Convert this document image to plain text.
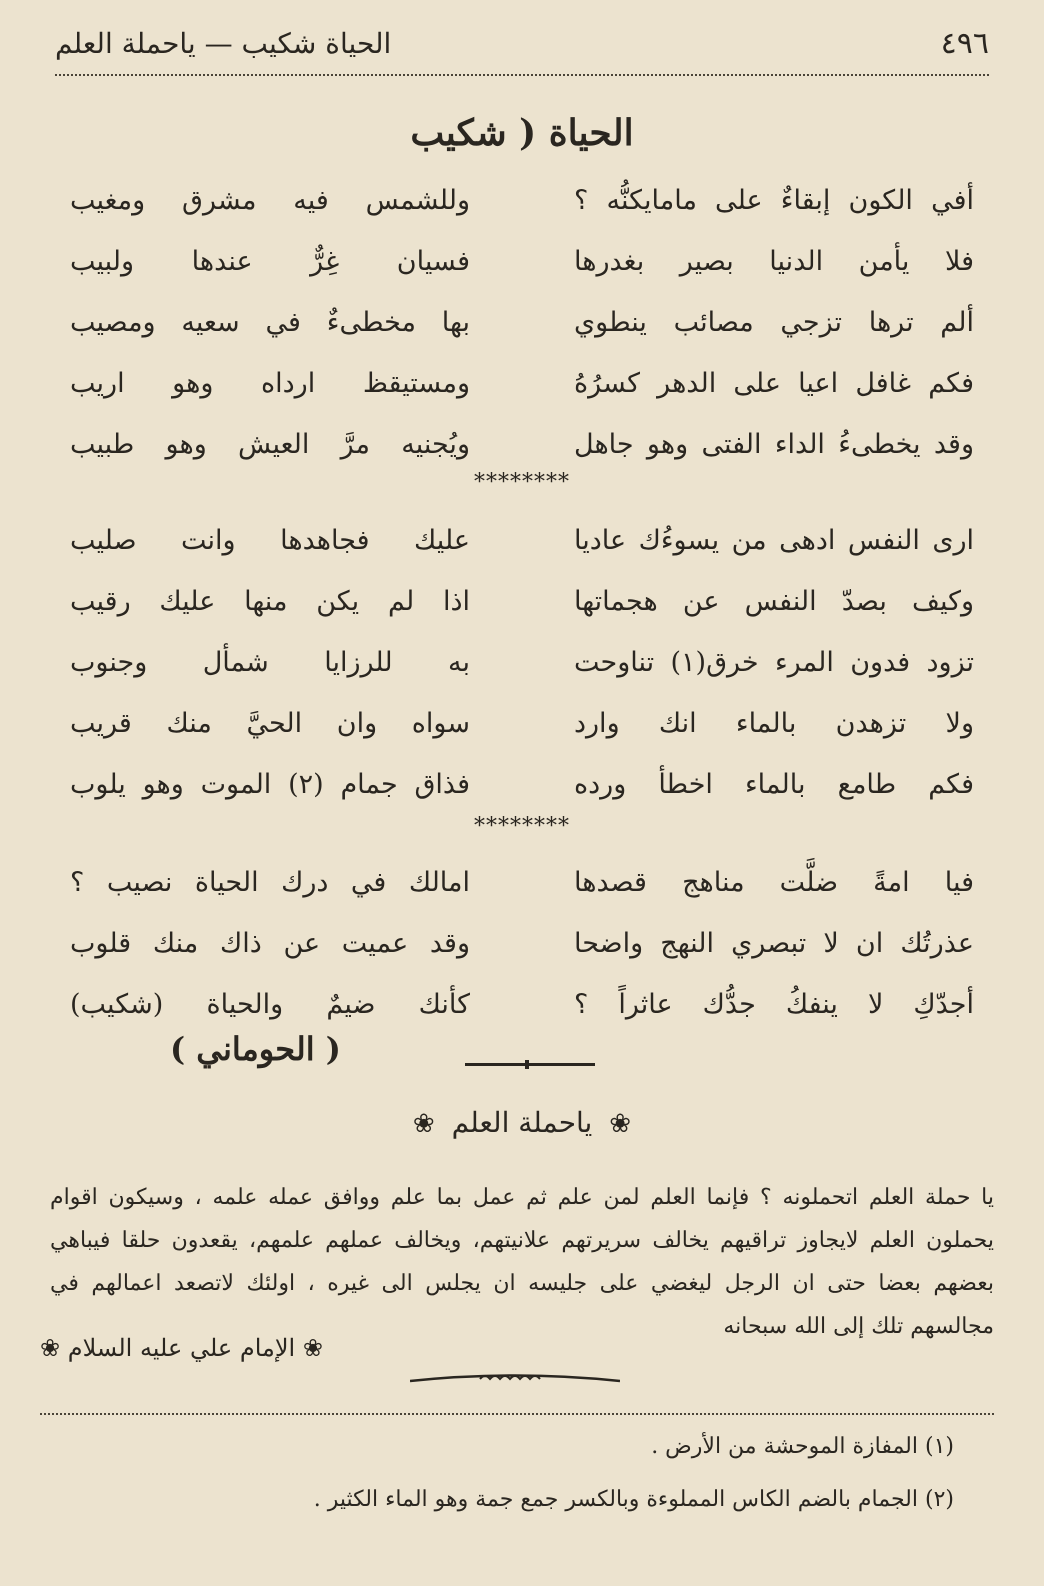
٤٩٦
الحياة شكيب — ياحملة العلم
الحياة ( شكيب
أفي الكون إبقاءٌ على مامايكنُّه ؟
وللشمس فيه مشرق ومغيب
فلا يأمن الدنيا بصير بغدرها
فسيان غِرٌّ عندها ولبيب
ألم ترها تزجي مصائب ينطوي
بها مخطىءٌ في سعيه ومصيب
فكم غافل اعيا على الدهر كسرُهُ
ومستيقظ ارداه وهو اريب
وقد يخطىءُ الداء الفتى وهو جاهل
ويُجنيه مرَّ العيش وهو طبيب
********
ارى النفس ادهى من يسوءُك عاديا
عليك فجاهدها وانت صليب
وكيف بصدّ النفس عن هجماتها
اذا لم يكن منها عليك رقيب
تزود فدون المرء خرق(١) تناوحت
به للرزايا شمأل وجنوب
ولا تزهدن بالماء انك وارد
سواه وان الحيَّ منك قريب
فكم طامع بالماء اخطأ ورده
فذاق جمام (٢) الموت وهو يلوب
********
فيا امةً ضلَّت مناهج قصدها
امالك في درك الحياة نصيب ؟
عذرتُك ان لا تبصري النهج واضحا
وقد عميت عن ذاك منك قلوب
أجدّكِ لا ينفكُ جدُّك عاثراً ؟
كأنك ضيمٌ والحياة (شكيب)
( الحوماني )
❀ ياحملة العلم ❀
يا حملة العلم اتحملونه ؟ فإنما العلم لمن علم ثم عمل بما علم ووافق عمله علمه ، وسيكون اقوام يحملون العلم لايجاوز تراقيهم يخالف سريرتهم علانيتهم، ويخالف عملهم علمهم، يقعدون حلقا فيباهي بعضهم بعضا حتى ان الرجل ليغضي على جليسه ان يجلس الى غيره ، اولئك لاتصعد اعمالهم في مجالسهم تلك إلى الله سبحانه
❀ الإمام علي عليه السلام ❀
(١) المفازة الموحشة من الأرض .
(٢) الجمام بالضم الكاس المملوءة وبالكسر جمع جمة وهو الماء الكثير .
